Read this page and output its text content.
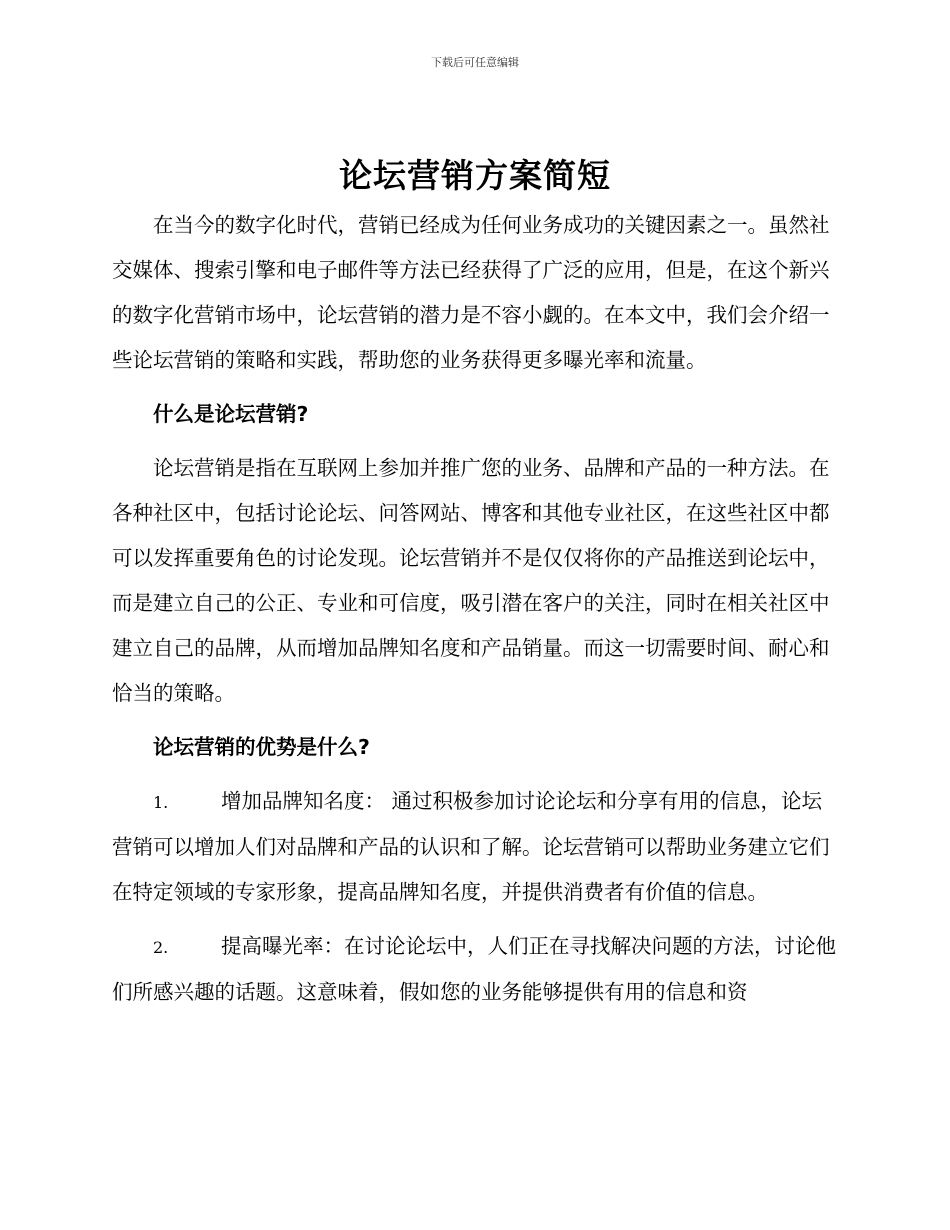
下载后可任意编辑
论坛营销方案简短

在当今的数字化时代，营销已经成为任何业务成功的关键因素之一。虽然社交媒体、搜索引擎和电子邮件等方法已经获得了广泛的应用，但是，在这个新兴的数字化营销市场中，论坛营销的潜力是不容小觑的。在本文中，我们会介绍一些论坛营销的策略和实践，帮助您的业务获得更多曝光率和流量。

什么是论坛营销?

论坛营销是指在互联网上参加并推广您的业务、品牌和产品的一种方法。在各种社区中，包括讨论论坛、问答网站、博客和其他专业社区，在这些社区中都可以发挥重要角色的讨论发现。论坛营销并不是仅仅将你的产品推送到论坛中，而是建立自己的公正、专业和可信度，吸引潜在客户的关注，同时在相关社区中建立自己的品牌，从而增加品牌知名度和产品销量。而这一切需要时间、耐心和恰当的策略。

论坛营销的优势是什么?

1.	增加品牌知名度： 通过积极参加讨论论坛和分享有用的信息，论坛营销可以增加人们对品牌和产品的认识和了解。论坛营销可以帮助业务建立它们在特定领域的专家形象，提高品牌知名度，并提供消费者有价值的信息。

2.	提高曝光率：在讨论论坛中，人们正在寻找解决问题的方法，讨论他们所感兴趣的话题。这意味着，假如您的业务能够提供有用的信息和资
